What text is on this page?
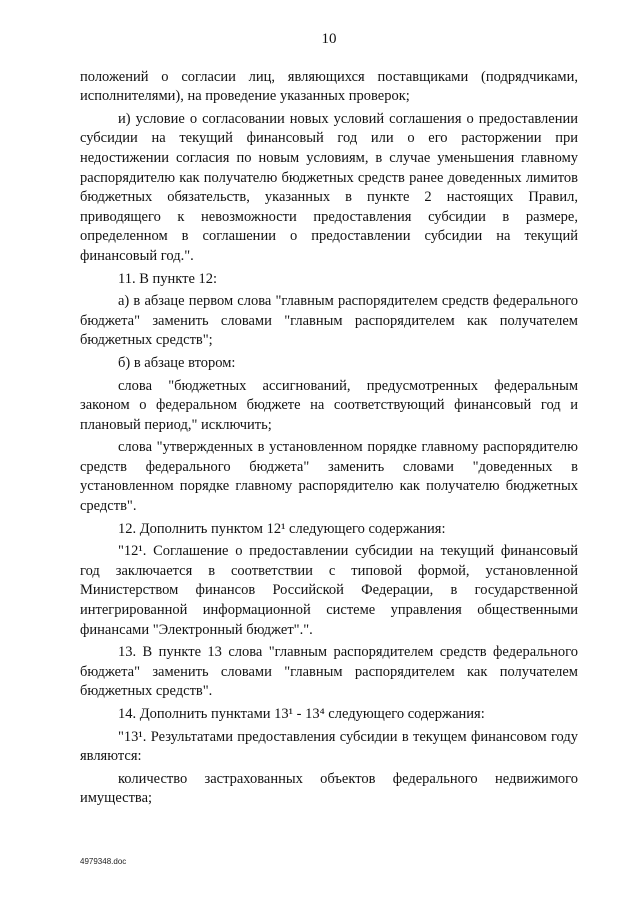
10

положений о согласии лиц, являющихся поставщиками (подрядчиками, исполнителями), на проведение указанных проверок;

и) условие о согласовании новых условий соглашения о предоставлении субсидии на текущий финансовый год или о его расторжении при недостижении согласия по новым условиям, в случае уменьшения главному распорядителю как получателю бюджетных средств ранее доведенных лимитов бюджетных обязательств, указанных в пункте 2 настоящих Правил, приводящего к невозможности предоставления субсидии в размере, определенном в соглашении о предоставлении субсидии на текущий финансовый год.".

11. В пункте 12:

а) в абзаце первом слова "главным распорядителем средств федерального бюджета" заменить словами "главным распорядителем как получателем бюджетных средств";

б) в абзаце втором:

слова "бюджетных ассигнований, предусмотренных федеральным законом о федеральном бюджете на соответствующий финансовый год и плановый период," исключить;

слова "утвержденных в установленном порядке главному распорядителю средств федерального бюджета" заменить словами "доведенных в установленном порядке главному распорядителю как получателю бюджетных средств".

12. Дополнить пунктом 12¹ следующего содержания:

"12¹. Соглашение о предоставлении субсидии на текущий финансовый год заключается в соответствии с типовой формой, установленной Министерством финансов Российской Федерации, в государственной интегрированной информационной системе управления общественными финансами "Электронный бюджет".".

13. В пункте 13 слова "главным распорядителем средств федерального бюджета" заменить словами "главным распорядителем как получателем бюджетных средств".

14. Дополнить пунктами 13¹ - 13⁴ следующего содержания:

"13¹. Результатами предоставления субсидии в текущем финансовом году являются:

количество застрахованных объектов федерального недвижимого имущества;

4979348.doc
